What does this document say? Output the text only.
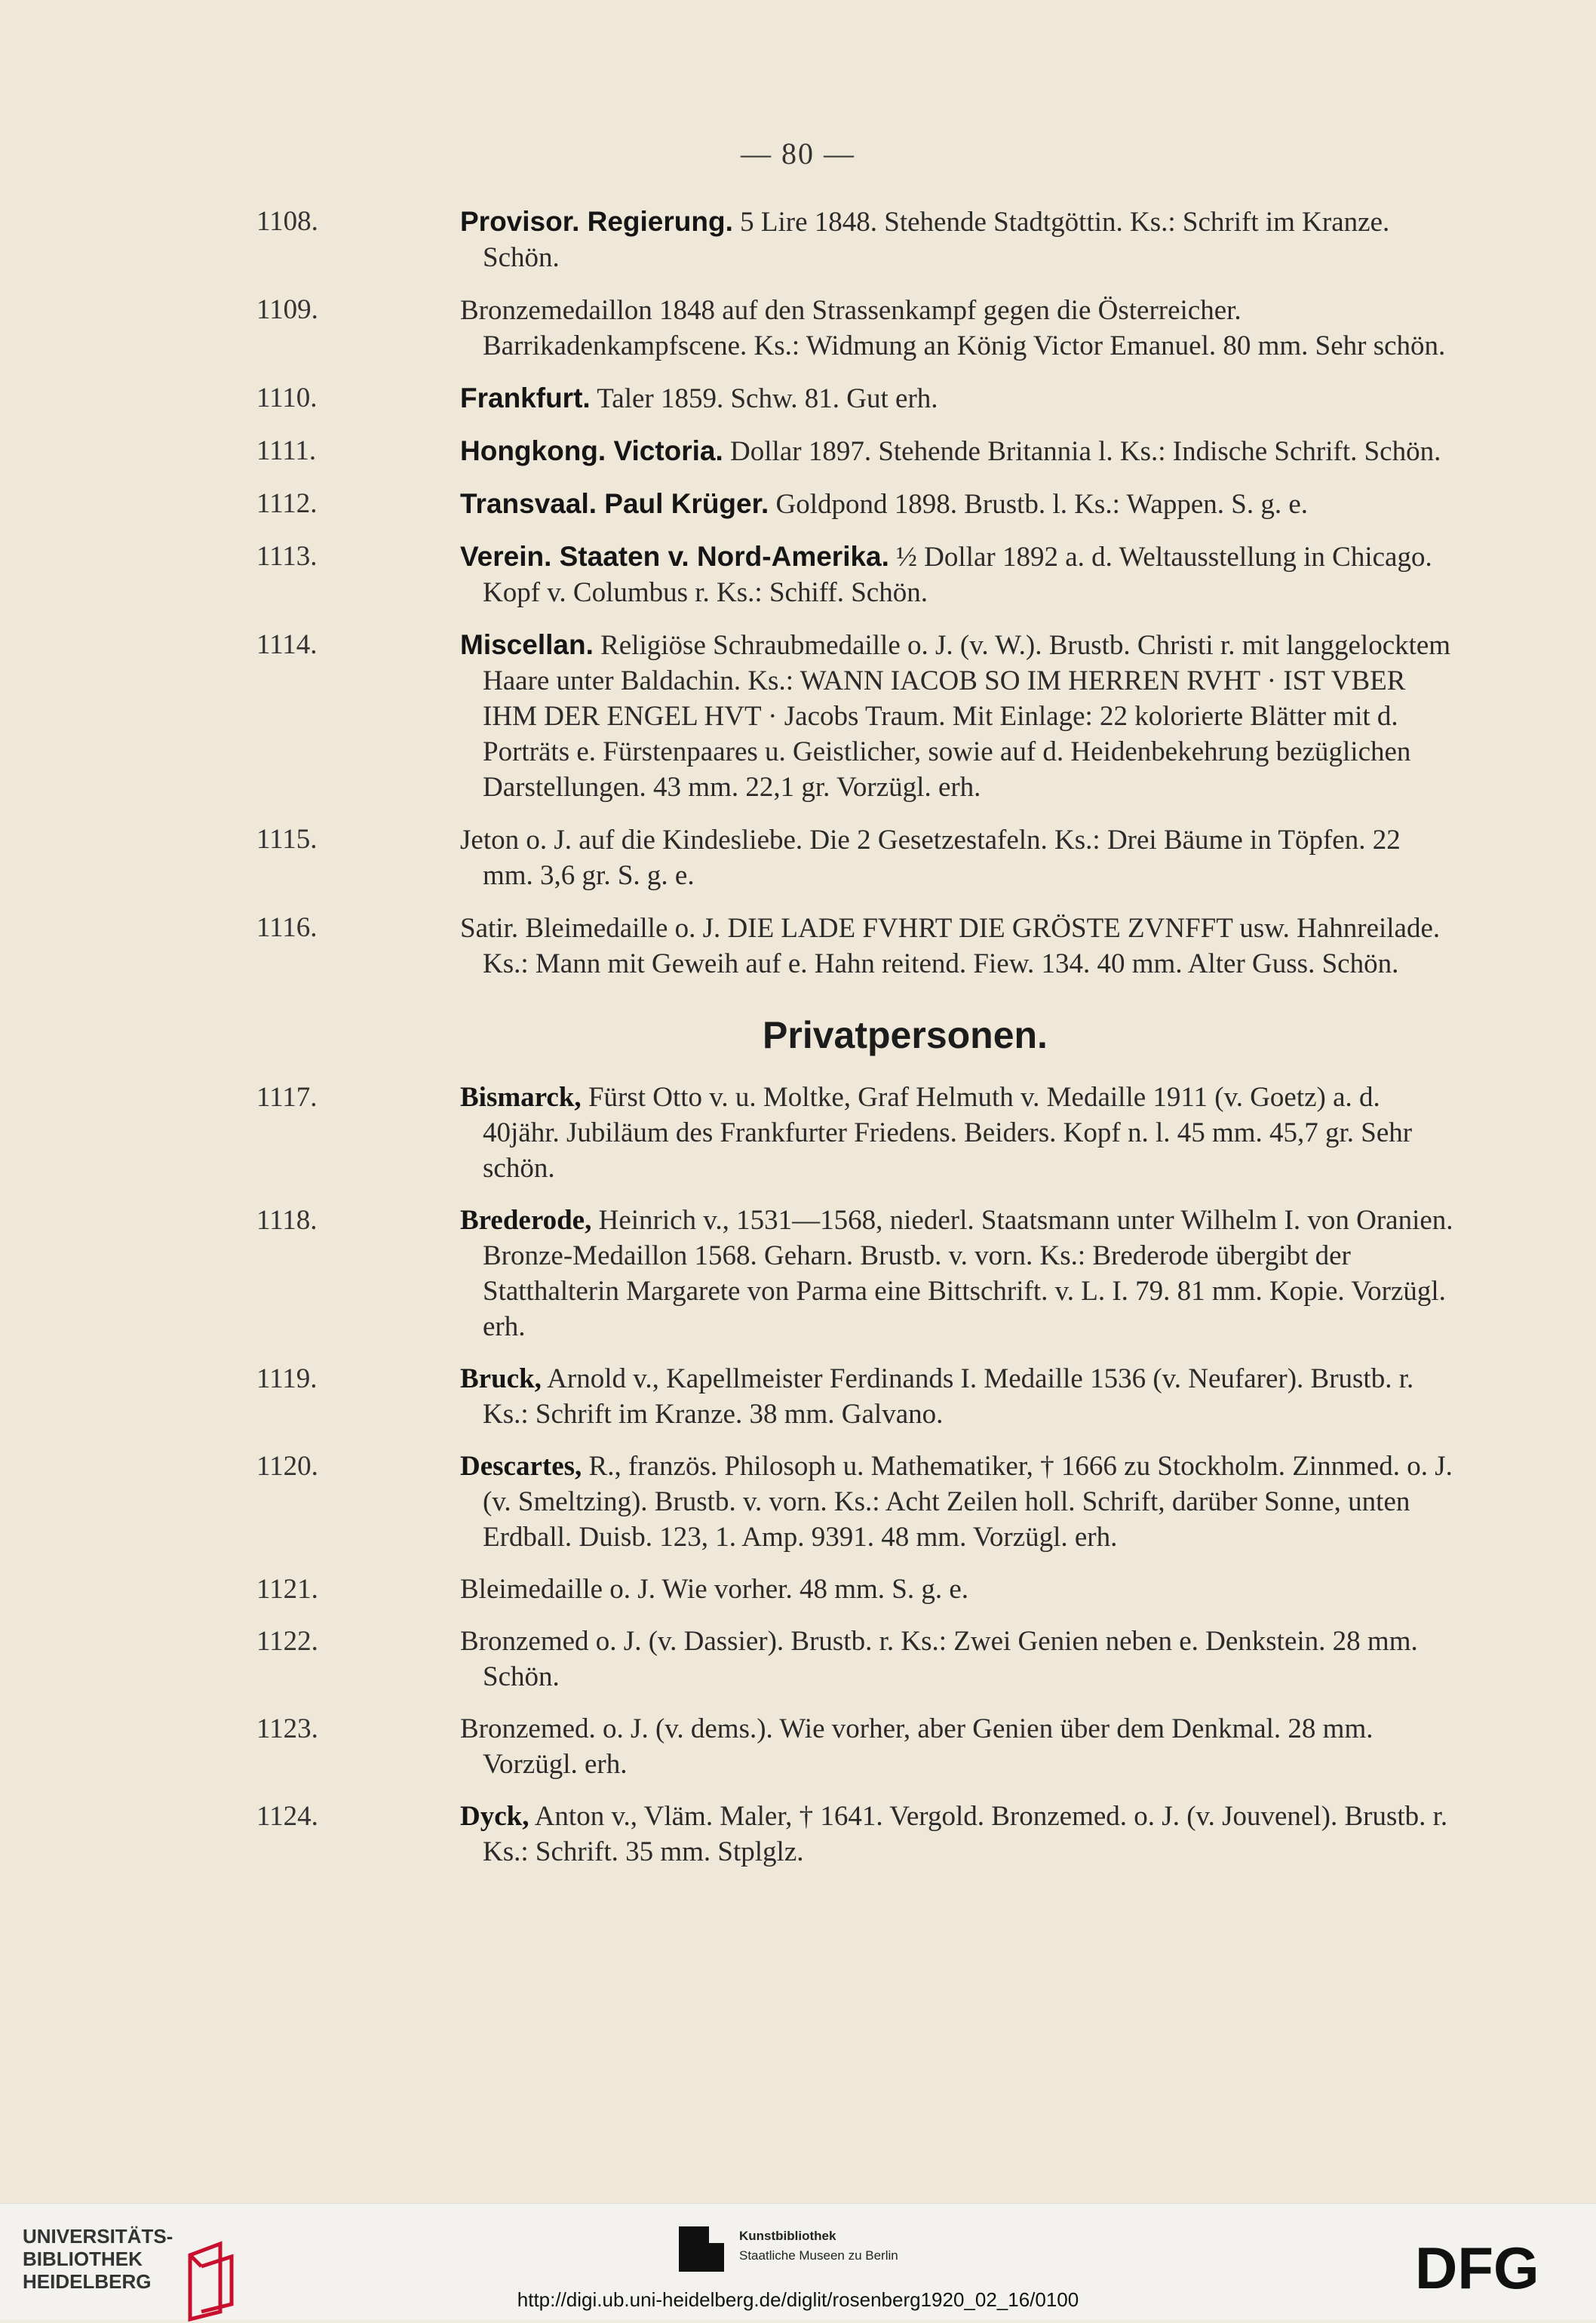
— 80 —
1108.	Provisor. Regierung. 5 Lire 1848. Stehende Stadtgöttin. Ks.: Schrift im Kranze. Schön.
1109.	Bronzemedaillon 1848 auf den Strassenkampf gegen die Österreicher. Barrikadenkampfscene. Ks.: Widmung an König Victor Emanuel. 80 mm. Sehr schön.
1110.	Frankfurt. Taler 1859. Schw. 81. Gut erh.
1111.	Hongkong. Victoria. Dollar 1897. Stehende Britannia l. Ks.: Indische Schrift. Schön.
1112.	Transvaal. Paul Krüger. Goldpond 1898. Brustb. l. Ks.: Wappen. S. g. e.
1113.	Verein. Staaten v. Nord-Amerika. ½ Dollar 1892 a. d. Weltausstellung in Chicago. Kopf v. Columbus r. Ks.: Schiff. Schön.
1114.	Miscellan. Religiöse Schraubmedaille o. J. (v. W.). Brustb. Christi r. mit langgelocktem Haare unter Baldachin. Ks.: WANN IACOB SO IM HERREN RVHT · IST VBER IHM DER ENGEL HVT · Jacobs Traum. Mit Einlage: 22 kolorierte Blätter mit d. Porträts e. Fürstenpaares u. Geistlicher, sowie auf d. Heidenbekehrung bezüglichen Darstellungen. 43 mm. 22,1 gr. Vorzügl. erh.
1115.	Jeton o. J. auf die Kindesliebe. Die 2 Gesetzestafeln. Ks.: Drei Bäume in Töpfen. 22 mm. 3,6 gr. S. g. e.
1116.	Satir. Bleimedaille o. J. DIE LADE FVHRT DIE GRÖSTE ZVNFFT usw. Hahnreilade. Ks.: Mann mit Geweih auf e. Hahn reitend. Fiew. 134. 40 mm. Alter Guss. Schön.
Privatpersonen.
1117.	Bismarck, Fürst Otto v. u. Moltke, Graf Helmuth v. Medaille 1911 (v. Goetz) a. d. 40jähr. Jubiläum des Frankfurter Friedens. Beiders. Kopf n. l. 45 mm. 45,7 gr. Sehr schön.
1118.	Brederode, Heinrich v., 1531—1568, niederl. Staatsmann unter Wilhelm I. von Oranien. Bronze-Medaillon 1568. Geharn. Brustb. v. vorn. Ks.: Brederode übergibt der Statthalterin Margarete von Parma eine Bittschrift. v. L. I. 79. 81 mm. Kopie. Vorzügl. erh.
1119.	Bruck, Arnold v., Kapellmeister Ferdinands I. Medaille 1536 (v. Neufarer). Brustb. r. Ks.: Schrift im Kranze. 38 mm. Galvano.
1120.	Descartes, R., französ. Philosoph u. Mathematiker, † 1666 zu Stockholm. Zinnmed. o. J. (v. Smeltzing). Brustb. v. vorn. Ks.: Acht Zeilen holl. Schrift, darüber Sonne, unten Erdball. Duisb. 123, 1. Amp. 9391. 48 mm. Vorzügl. erh.
1121.	Bleimedaille o. J. Wie vorher. 48 mm. S. g. e.
1122.	Bronzemed o. J. (v. Dassier). Brustb. r. Ks.: Zwei Genien neben e. Denkstein. 28 mm. Schön.
1123.	Bronzemed. o. J. (v. dems.). Wie vorher, aber Genien über dem Denkmal. 28 mm. Vorzügl. erh.
1124.	Dyck, Anton v., Vläm. Maler, † 1641. Vergold. Bronzemed. o. J. (v. Jouvenel). Brustb. r. Ks.: Schrift. 35 mm. Stplglz.
UNIVERSITÄTS-
BIBLIOTHEK
HEIDELBERG
Kunstbibliothek
Staatliche Museen zu Berlin	DFG
http://digi.ub.uni-heidelberg.de/diglit/rosenberg1920_02_16/0100
